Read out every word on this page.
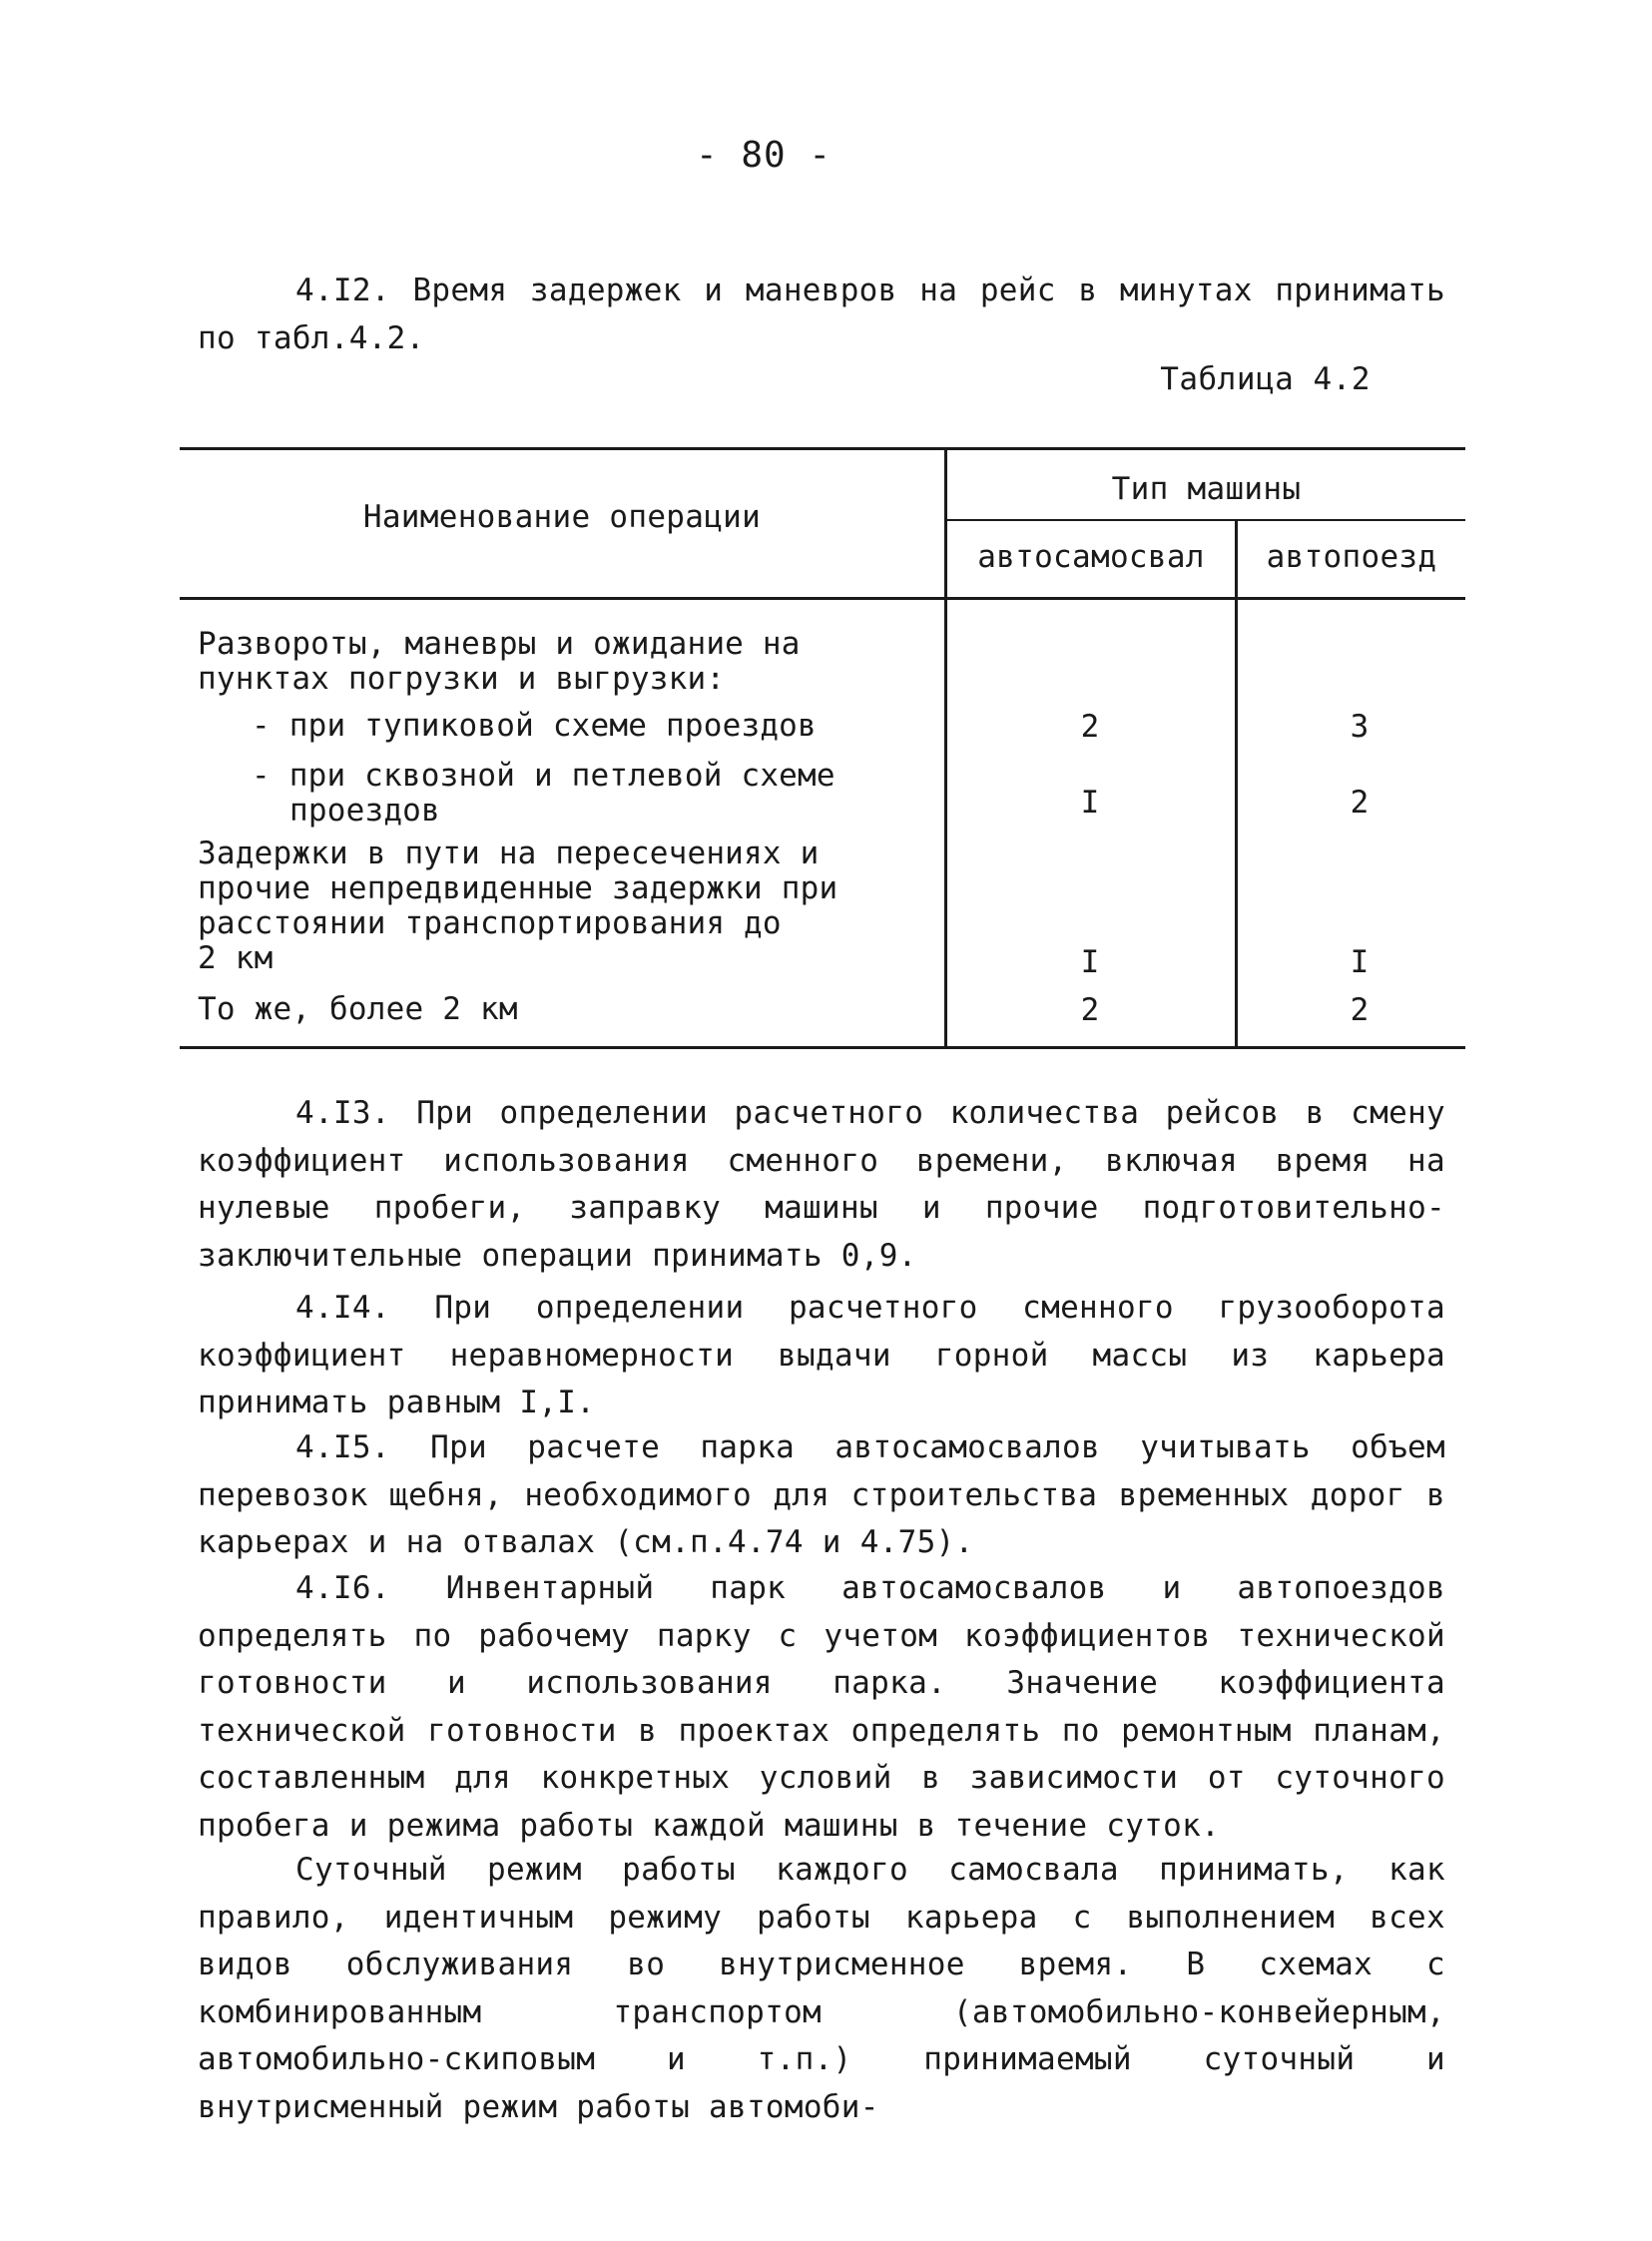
- 80 -
4.I2. Время задержек и маневров на рейс в минутах принимать по табл.4.2.
Таблица 4.2
Наименование операции
Тип машины
автосамосвал	автопоезд
Развороты, маневры и ожидание на
пунктах погрузки и выгрузки:
- при тупиковой схеме проездов	2	3
- при сквозной и петлевой схеме
проездов	I	2
Задержки в пути на пересечениях и
прочие непредвиденные задержки при
расстоянии транспортирования до
2 км	I	I
То же, более 2 км	2	2
4.I3. При определении расчетного количества рейсов в смену коэффициент использования сменного времени, включая время на нулевые пробеги, заправку машины и прочие подготовительно-заключительные операции принимать 0,9.
4.I4. При определении расчетного сменного грузооборота коэффициент неравномерности выдачи горной массы из карьера принимать равным I,I.
4.I5. При расчете парка автосамосвалов учитывать объем перевозок щебня, необходимого для строительства временных дорог в карьерах и на отвалах (см.п.4.74 и 4.75).
4.I6. Инвентарный парк автосамосвалов и автопоездов определять по рабочему парку с учетом коэффициентов технической готовности и использования парка. Значение коэффициента технической готовности в проектах определять по ремонтным планам, составленным для конкретных условий в зависимости от суточного пробега и режима работы каждой машины в течение суток.
Суточный режим работы каждого самосвала принимать, как правило, идентичным режиму работы карьера с выполнением всех видов обслуживания во внутрисменное время. В схемах с комбинированным транспортом (автомобильно-конвейерным, автомобильно-скиповым и т.п.) принимаемый суточный и внутрисменный режим работы автомоби-
